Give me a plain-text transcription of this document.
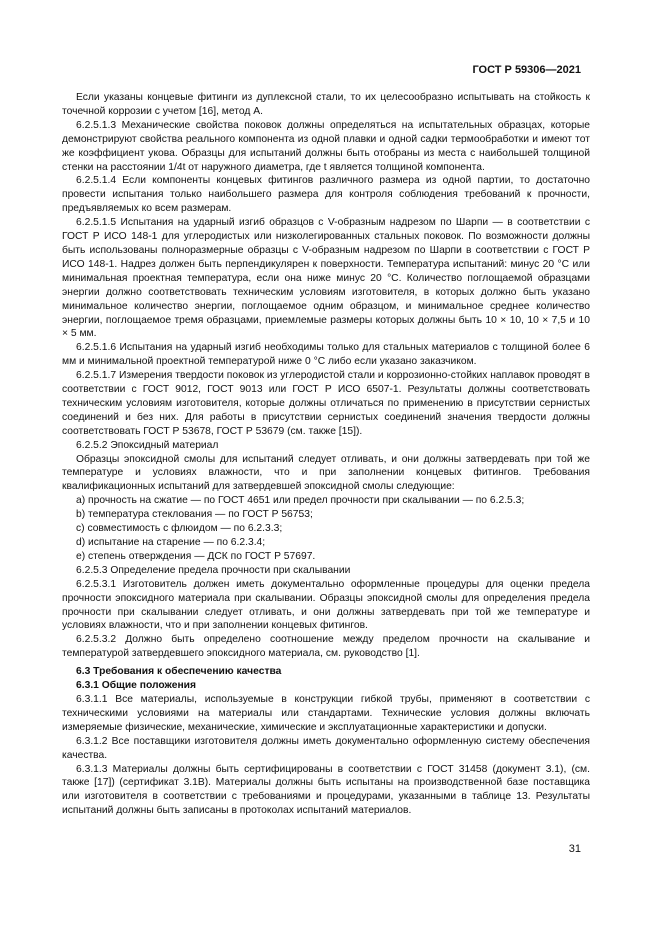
ГОСТ Р 59306—2021

Если указаны концевые фитинги из дуплексной стали, то их целесообразно испытывать на стойкость к точечной коррозии с учетом [16], метод A.

6.2.5.1.3 Механические свойства поковок должны определяться на испытательных образцах, которые демонстрируют свойства реального компонента из одной плавки и одной садки термообработки и имеют тот же коэффициент укова. Образцы для испытаний должны быть отобраны из места с наибольшей толщиной стенки на расстоянии 1/4t от наружного диаметра, где t является толщиной компонента.

6.2.5.1.4 Если компоненты концевых фитингов различного размера из одной партии, то достаточно провести испытания только наибольшего размера для контроля соблюдения требований к прочности, предъявляемых ко всем размерам.

6.2.5.1.5 Испытания на ударный изгиб образцов с V-образным надрезом по Шарпи — в соответствии с ГОСТ Р ИСО 148-1 для углеродистых или низколегированных стальных поковок. По возможности должны быть использованы полноразмерные образцы с V-образным надрезом по Шарпи в соответствии с ГОСТ Р ИСО 148-1. Надрез должен быть перпендикулярен к поверхности. Температура испытаний: минус 20 °C или минимальная проектная температура, если она ниже минус 20 °C. Количество поглощаемой образцами энергии должно соответствовать техническим условиям изготовителя, в которых должно быть указано минимальное количество энергии, поглощаемое одним образцом, и минимальное среднее количество энергии, поглощаемое тремя образцами, приемлемые размеры которых должны быть 10 × 10, 10 × 7,5 и 10 × 5 мм.

6.2.5.1.6 Испытания на ударный изгиб необходимы только для стальных материалов с толщиной более 6 мм и минимальной проектной температурой ниже 0 °C либо если указано заказчиком.

6.2.5.1.7 Измерения твердости поковок из углеродистой стали и коррозионно-стойких наплавок проводят в соответствии с ГОСТ 9012, ГОСТ 9013 или ГОСТ Р ИСО 6507-1. Результаты должны соответствовать техническим условиям изготовителя, которые должны отличаться по применению в присутствии сернистых соединений и без них. Для работы в присутствии сернистых соединений значения твердости должны соответствовать ГОСТ Р 53678, ГОСТ Р 53679 (см. также [15]).

6.2.5.2 Эпоксидный материал

Образцы эпоксидной смолы для испытаний следует отливать, и они должны затвердевать при той же температуре и условиях влажности, что и при заполнении концевых фитингов. Требования квалификационных испытаний для затвердевшей эпоксидной смолы следующие:

а) прочность на сжатие — по ГОСТ 4651 или предел прочности при скалывании — по 6.2.5.3;

b) температура стеклования — по ГОСТ Р 56753;

c) совместимость с флюидом — по 6.2.3.3;

d) испытание на старение — по 6.2.3.4;

e) степень отверждения — ДСК по ГОСТ Р 57697.

6.2.5.3 Определение предела прочности при скалывании

6.2.5.3.1 Изготовитель должен иметь документально оформленные процедуры для оценки предела прочности эпоксидного материала при скалывании. Образцы эпоксидной смолы для определения предела прочности при скалывании следует отливать, и они должны затвердевать при той же температуре и условиях влажности, что и при заполнении концевых фитингов.

6.2.5.3.2 Должно быть определено соотношение между пределом прочности на скалывание и температурой затвердевшего эпоксидного материала, см. руководство [1].

6.3 Требования к обеспечению качества
6.3.1 Общие положения

6.3.1.1 Все материалы, используемые в конструкции гибкой трубы, применяют в соответствии с техническими условиями на материалы или стандартами. Технические условия должны включать измеряемые физические, механические, химические и эксплуатационные характеристики и допуски.

6.3.1.2 Все поставщики изготовителя должны иметь документально оформленную систему обеспечения качества.

6.3.1.3 Материалы должны быть сертифицированы в соответствии с ГОСТ 31458 (документ 3.1), (см. также [17]) (сертификат 3.1B). Материалы должны быть испытаны на производственной базе поставщика или изготовителя в соответствии с требованиями и процедурами, указанными в таблице 13. Результаты испытаний должны быть записаны в протоколах испытаний материалов.

31
